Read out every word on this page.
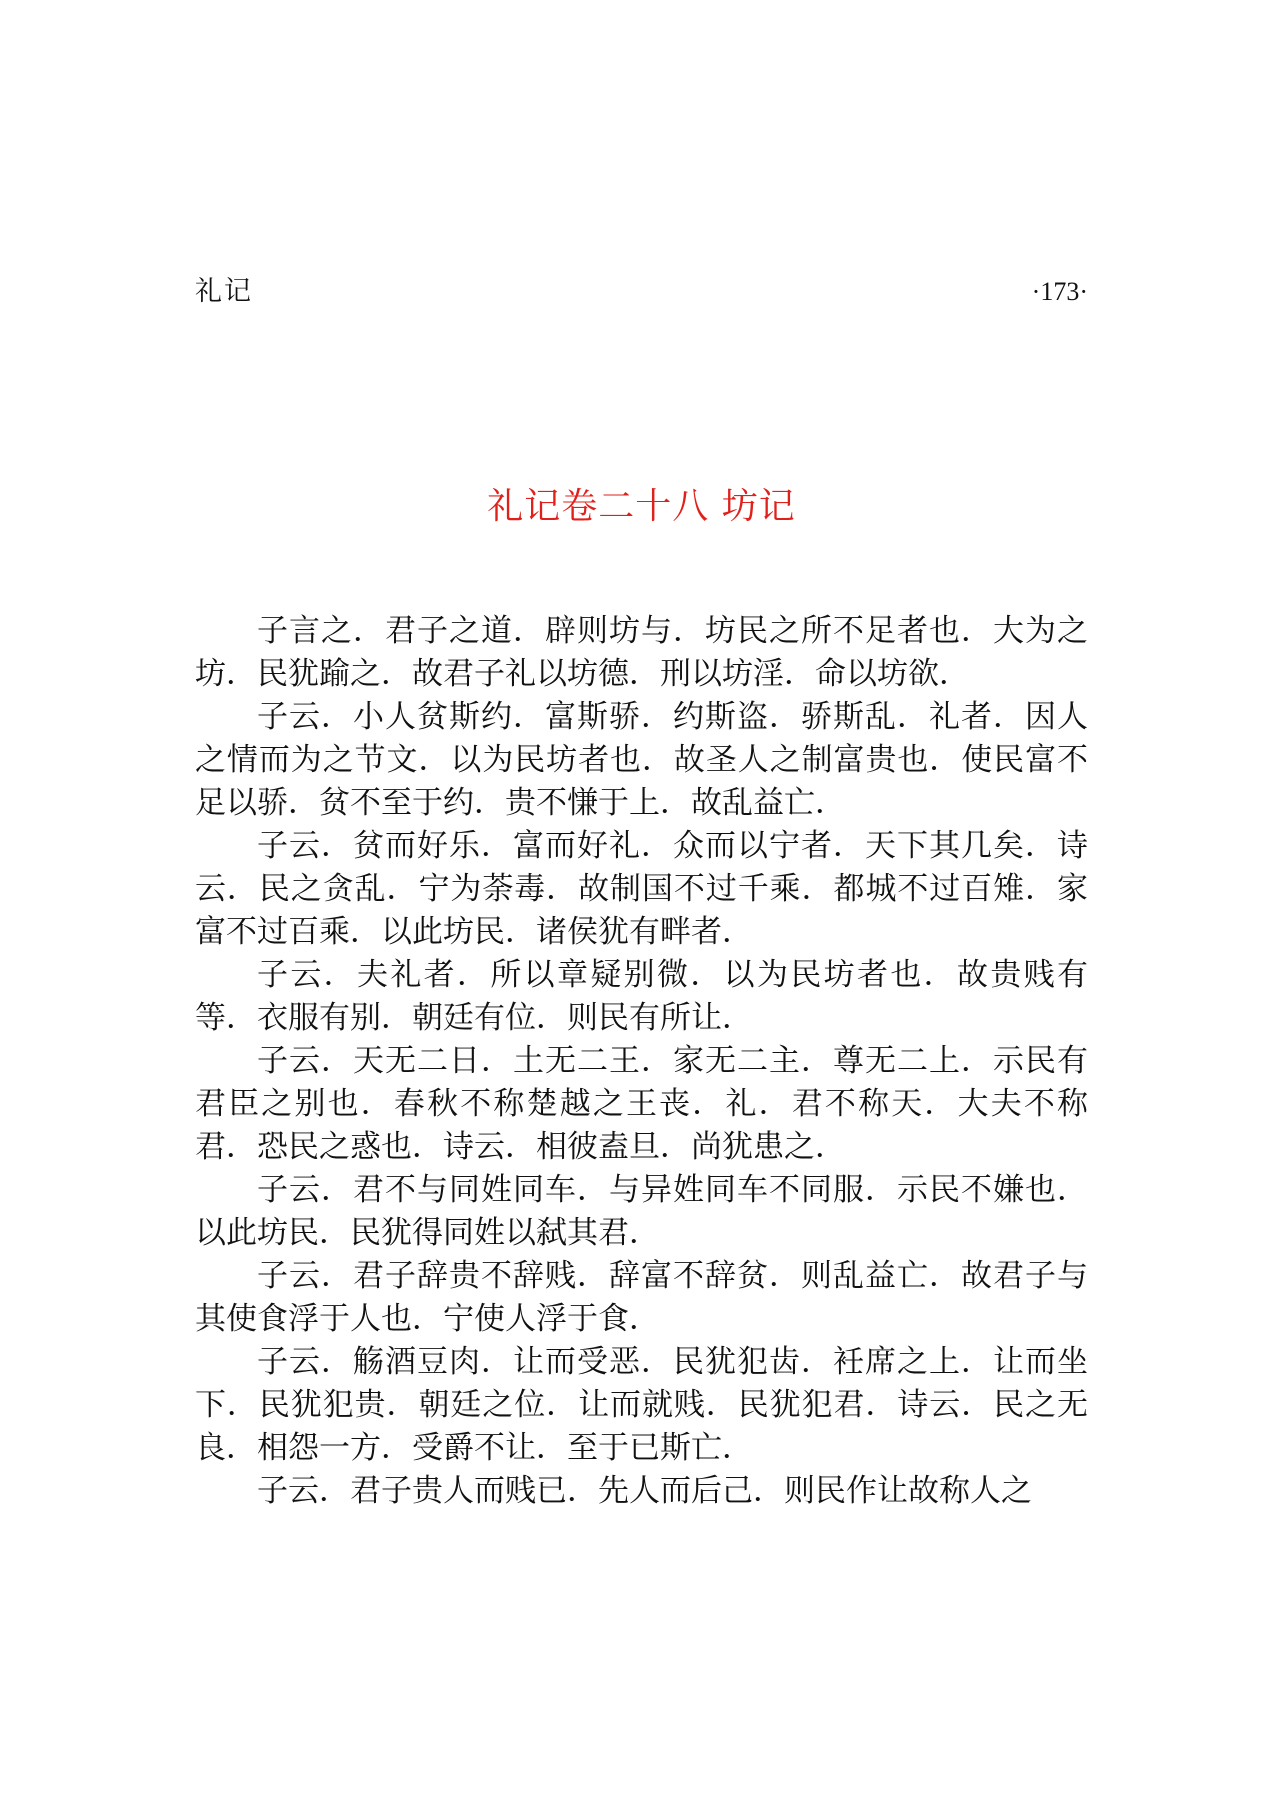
礼记	·173·
礼记卷二十八 坊记

子言之．君子之道．辟则坊与．坊民之所不足者也．大为之坊．民犹踰之．故君子礼以坊德．刑以坊淫．命以坊欲．

子云．小人贫斯约．富斯骄．约斯盗．骄斯乱．礼者．因人之情而为之节文．以为民坊者也．故圣人之制富贵也．使民富不足以骄．贫不至于约．贵不慊于上．故乱益亡．

子云．贫而好乐．富而好礼．众而以宁者．天下其几矣．诗云．民之贪乱．宁为荼毒．故制国不过千乘．都城不过百雉．家富不过百乘．以此坊民．诸侯犹有畔者．

子云．夫礼者．所以章疑别微．以为民坊者也．故贵贱有等．衣服有别．朝廷有位．则民有所让．

子云．天无二日．土无二王．家无二主．尊无二上．示民有君臣之别也．春秋不称楚越之王丧．礼．君不称天．大夫不称君．恐民之惑也．诗云．相彼盍旦．尚犹患之．

子云．君不与同姓同车．与异姓同车不同服．示民不嫌也．以此坊民．民犹得同姓以弑其君．

子云．君子辞贵不辞贱．辞富不辞贫．则乱益亡．故君子与其使食浮于人也．宁使人浮于食．

子云．觞酒豆肉．让而受恶．民犹犯齿．衽席之上．让而坐下．民犹犯贵．朝廷之位．让而就贱．民犹犯君．诗云．民之无良．相怨一方．受爵不让．至于已斯亡．

子云．君子贵人而贱已．先人而后己．则民作让故称人之
